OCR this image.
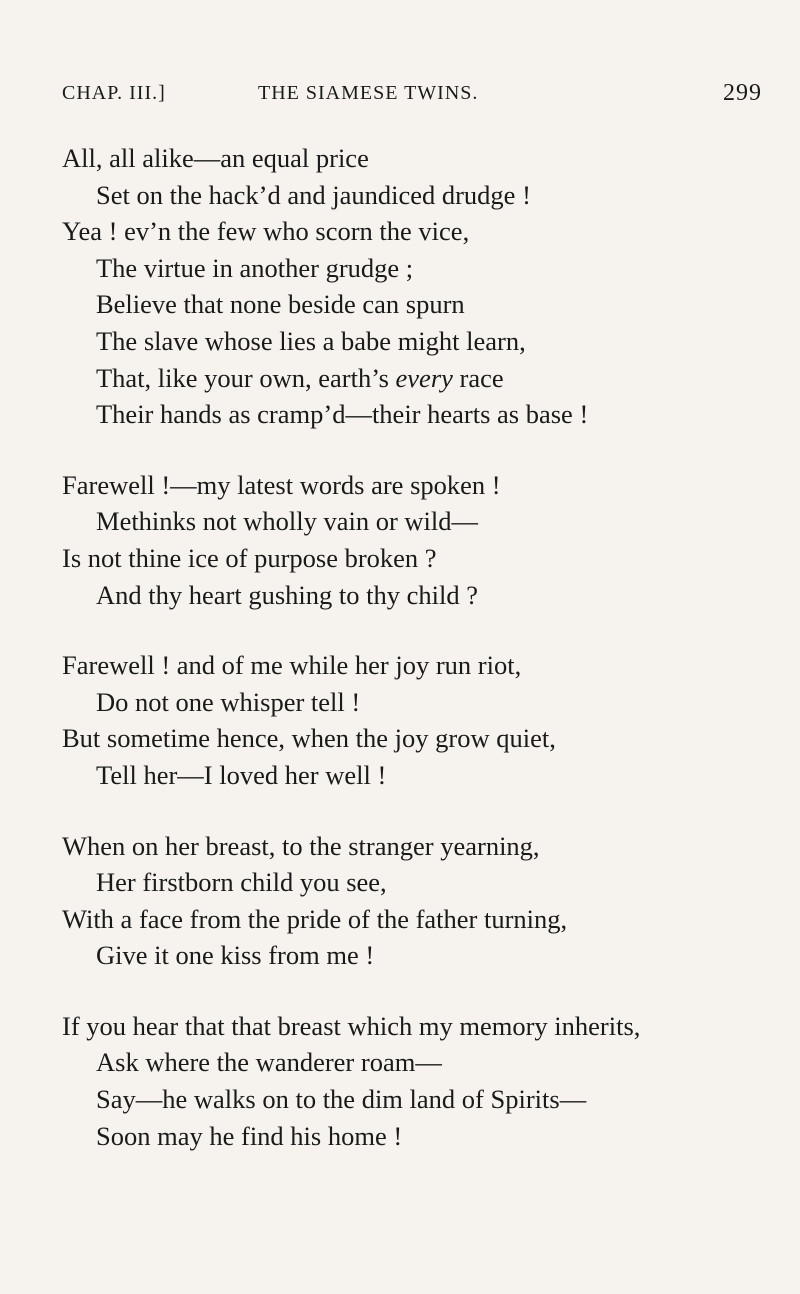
CHAP. III.]	THE SIAMESE TWINS.	299
All, all alike—an equal price
Set on the hack’d and jaundiced drudge !
Yea ! ev’n the few who scorn the vice,
The virtue in another grudge ;
Believe that none beside can spurn
The slave whose lies a babe might learn,
That, like your own, earth’s every race
Their hands as cramp’d—their hearts as base !
Farewell !—my latest words are spoken !
Methinks not wholly vain or wild—
Is not thine ice of purpose broken ?
And thy heart gushing to thy child ?
Farewell ! and of me while her joy run riot,
Do not one whisper tell !
But sometime hence, when the joy grow quiet,
Tell her—I loved her well !
When on her breast, to the stranger yearning,
Her firstborn child you see,
With a face from the pride of the father turning,
Give it one kiss from me !
If you hear that that breast which my memory inherits,
Ask where the wanderer roam—
Say—he walks on to the dim land of Spirits—
Soon may he find his home !
